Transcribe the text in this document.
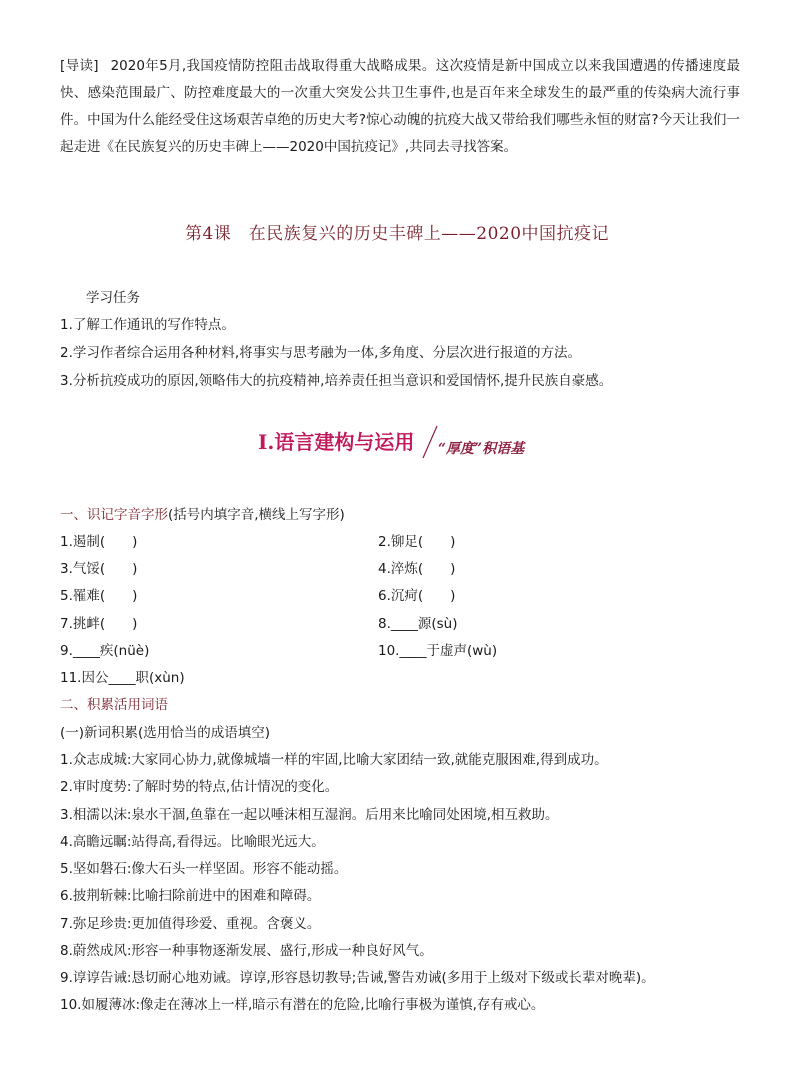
[导读] 2020年5月,我国疫情防控阻击战取得重大战略成果。这次疫情是新中国成立以来我国遭遇的传播速度最快、感染范围最广、防控难度最大的一次重大突发公共卫生事件,也是百年来全球发生的最严重的传染病大流行事件。中国为什么能经受住这场艰苦卓绝的历史大考?惊心动魄的抗疫大战又带给我们哪些永恒的财富?今天让我们一起走进《在民族复兴的历史丰碑上——2020中国抗疫记》,共同去寻找答案。
第4课　在民族复兴的历史丰碑上——2020中国抗疫记
学习任务
1.了解工作通讯的写作特点。
2.学习作者综合运用各种材料,将事实与思考融为一体,多角度、分层次进行报道的方法。
3.分析抗疫成功的原因,领略伟大的抗疫精神,培养责任担当意识和爱国情怀,提升民族自豪感。
Ⅰ.语言建构与运用 “厚度”积语基
一、识记字音字形(括号内填字音,横线上写字形)
1.遏制(　　)	2.铆足(　　)
3.气馁(　　)	4.淬炼(　　)
5.罹难(　　)	6.沉疴(　　)
7.挑衅(　　)	8.____源(sù)
9.____疾(nüè)	10.____于虚声(wù)
11.因公____职(xùn)
二、积累活用词语
(一)新词积累(选用恰当的成语填空)
1.众志成城:大家同心协力,就像城墙一样的牢固,比喻大家团结一致,就能克服困难,得到成功。
2.审时度势:了解时势的特点,估计情况的变化。
3.相濡以沫:泉水干涸,鱼靠在一起以唾沫相互湿润。后用来比喻同处困境,相互救助。
4.高瞻远瞩:站得高,看得远。比喻眼光远大。
5.坚如磐石:像大石头一样坚固。形容不能动摇。
6.披荆斩棘:比喻扫除前进中的困难和障碍。
7.弥足珍贵:更加值得珍爱、重视。含褒义。
8.蔚然成风:形容一种事物逐渐发展、盛行,形成一种良好风气。
9.谆谆告诫:恳切耐心地劝诫。谆谆,形容恳切教导;告诫,警告劝诫(多用于上级对下级或长辈对晚辈)。
10.如履薄冰:像走在薄冰上一样,暗示有潜在的危险,比喻行事极为谨慎,存有戒心。
